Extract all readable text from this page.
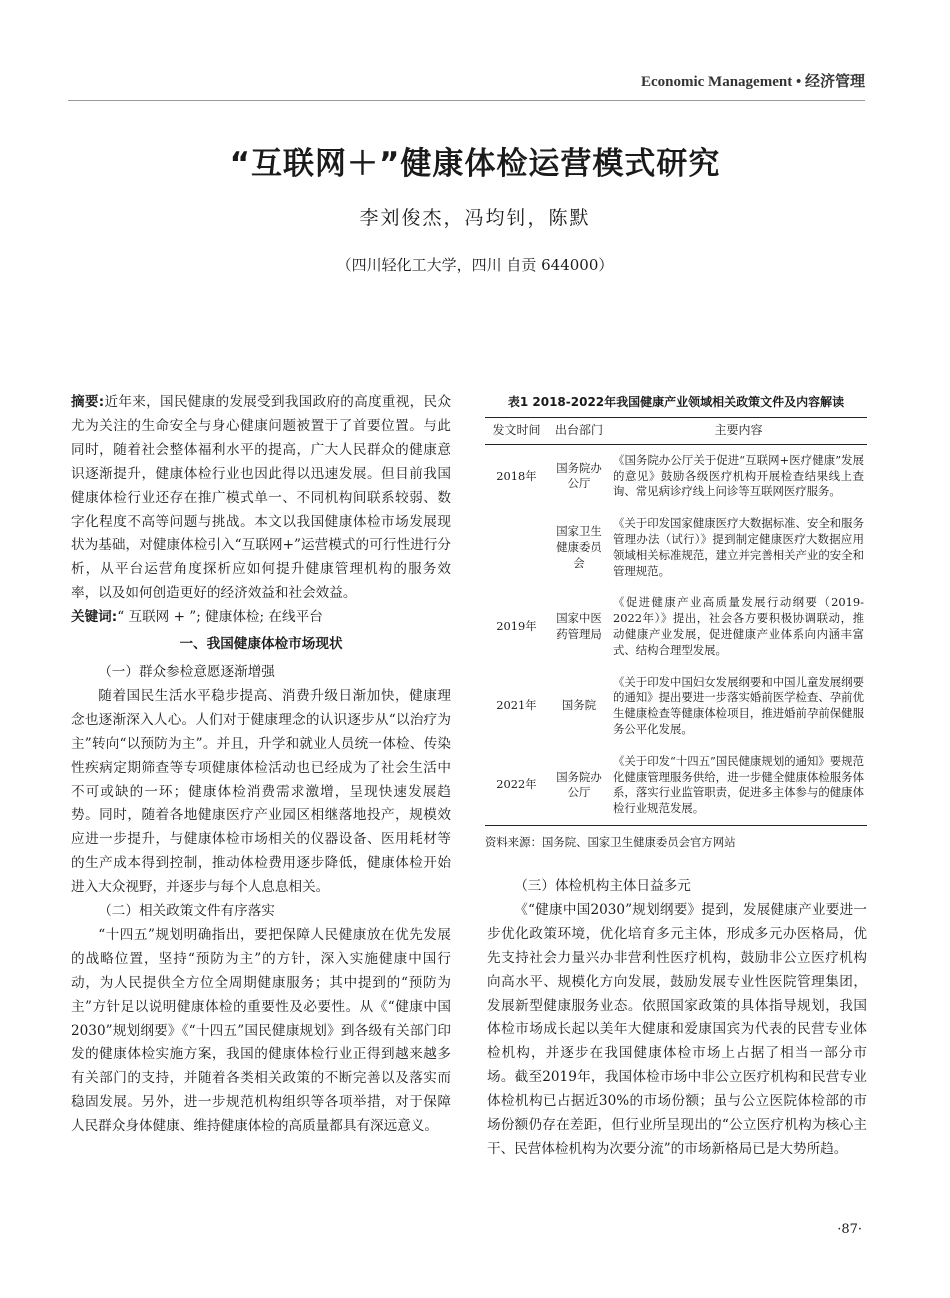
Economic Management • 经济管理
“互联网＋”健康体检运营模式研究
李刘俊杰，冯均钊，陈默
（四川轻化工大学，四川 自贡 644000）

摘要:近年来，国民健康的发展受到我国政府的高度重视，民众尤为关注的生命安全与身心健康问题被置于了首要位置。与此同时，随着社会整体福利水平的提高，广大人民群众的健康意识逐渐提升，健康体检行业也因此得以迅速发展。但目前我国健康体检行业还存在推广模式单一、不同机构间联系较弱、数字化程度不高等问题与挑战。本文以我国健康体检市场发展现状为基础，对健康体检引入“互联网+”运营模式的可行性进行分析，从平台运营角度探析应如何提升健康管理机构的服务效率，以及如何创造更好的经济效益和社会效益。

关键词:“ 互联网 + ”; 健康体检; 在线平台

一、我国健康体检市场现状

（一）群众参检意愿逐渐增强

随着国民生活水平稳步提高、消费升级日渐加快，健康理念也逐渐深入人心。人们对于健康理念的认识逐步从“以治疗为主”转向“以预防为主”。并且，升学和就业人员统一体检、传染性疾病定期筛查等专项健康体检活动也已经成为了社会生活中不可或缺的一环；健康体检消费需求激增，呈现快速发展趋势。同时，随着各地健康医疗产业园区相继落地投产，规模效应进一步提升，与健康体检市场相关的仪器设备、医用耗材等的生产成本得到控制，推动体检费用逐步降低，健康体检开始进入大众视野，并逐步与每个人息息相关。

（二）相关政策文件有序落实

“十四五”规划明确指出，要把保障人民健康放在优先发展的战略位置，坚持“预防为主”的方针，深入实施健康中国行动，为人民提供全方位全周期健康服务；其中提到的“预防为主”方针足以说明健康体检的重要性及必要性。从《“健康中国2030”规划纲要》《“十四五”国民健康规划》到各级有关部门印发的健康体检实施方案，我国的健康体检行业正得到越来越多有关部门的支持，并随着各类相关政策的不断完善以及落实而稳固发展。另外，进一步规范机构组织等各项举措，对于保障人民群众身体健康、维持健康体检的高质量都具有深远意义。

表1 2018-2022年我国健康产业领域相关政策文件及内容解读
发文时间	出台部门	主要内容
2018年	国务院办公厅	《国务院办公厅关于促进“互联网+医疗健康”发展的意见》鼓励各级医疗机构开展检查结果线上查询、常见病诊疗线上问诊等互联网医疗服务。
	国家卫生健康委员会	《关于印发国家健康医疗大数据标准、安全和服务管理办法（试行）》提到制定健康医疗大数据应用领域相关标准规范，建立并完善相关产业的安全和管理规范。
2019年	国家中医药管理局	《促进健康产业高质量发展行动纲要（2019-2022年）》提出，社会各方要积极协调联动，推动健康产业发展，促进健康产业体系向内涵丰富式、结构合理型发展。
2021年	国务院	《关于印发中国妇女发展纲要和中国儿童发展纲要的通知》提出要进一步落实婚前医学检查、孕前优生健康检查等健康体检项目，推进婚前孕前保健服务公平化发展。
2022年	国务院办公厅	《关于印发“十四五”国民健康规划的通知》要规范化健康管理服务供给，进一步健全健康体检服务体系，落实行业监管职责，促进多主体参与的健康体检行业规范发展。
资料来源：国务院、国家卫生健康委员会官方网站

（三）体检机构主体日益多元

《“健康中国2030”规划纲要》提到，发展健康产业要进一步优化政策环境，优化培育多元主体，形成多元办医格局，优先支持社会力量兴办非营利性医疗机构，鼓励非公立医疗机构向高水平、规模化方向发展，鼓励发展专业性医院管理集团，发展新型健康服务业态。依照国家政策的具体指导规划，我国体检市场成长起以美年大健康和爱康国宾为代表的民营专业体检机构，并逐步在我国健康体检市场上占据了相当一部分市场。截至2019年，我国体检市场中非公立医疗机构和民营专业体检机构已占据近30%的市场份额；虽与公立医院体检部的市场份额仍存在差距，但行业所呈现出的“公立医疗机构为核心主干、民营体检机构为次要分流”的市场新格局已是大势所趋。

·87·
